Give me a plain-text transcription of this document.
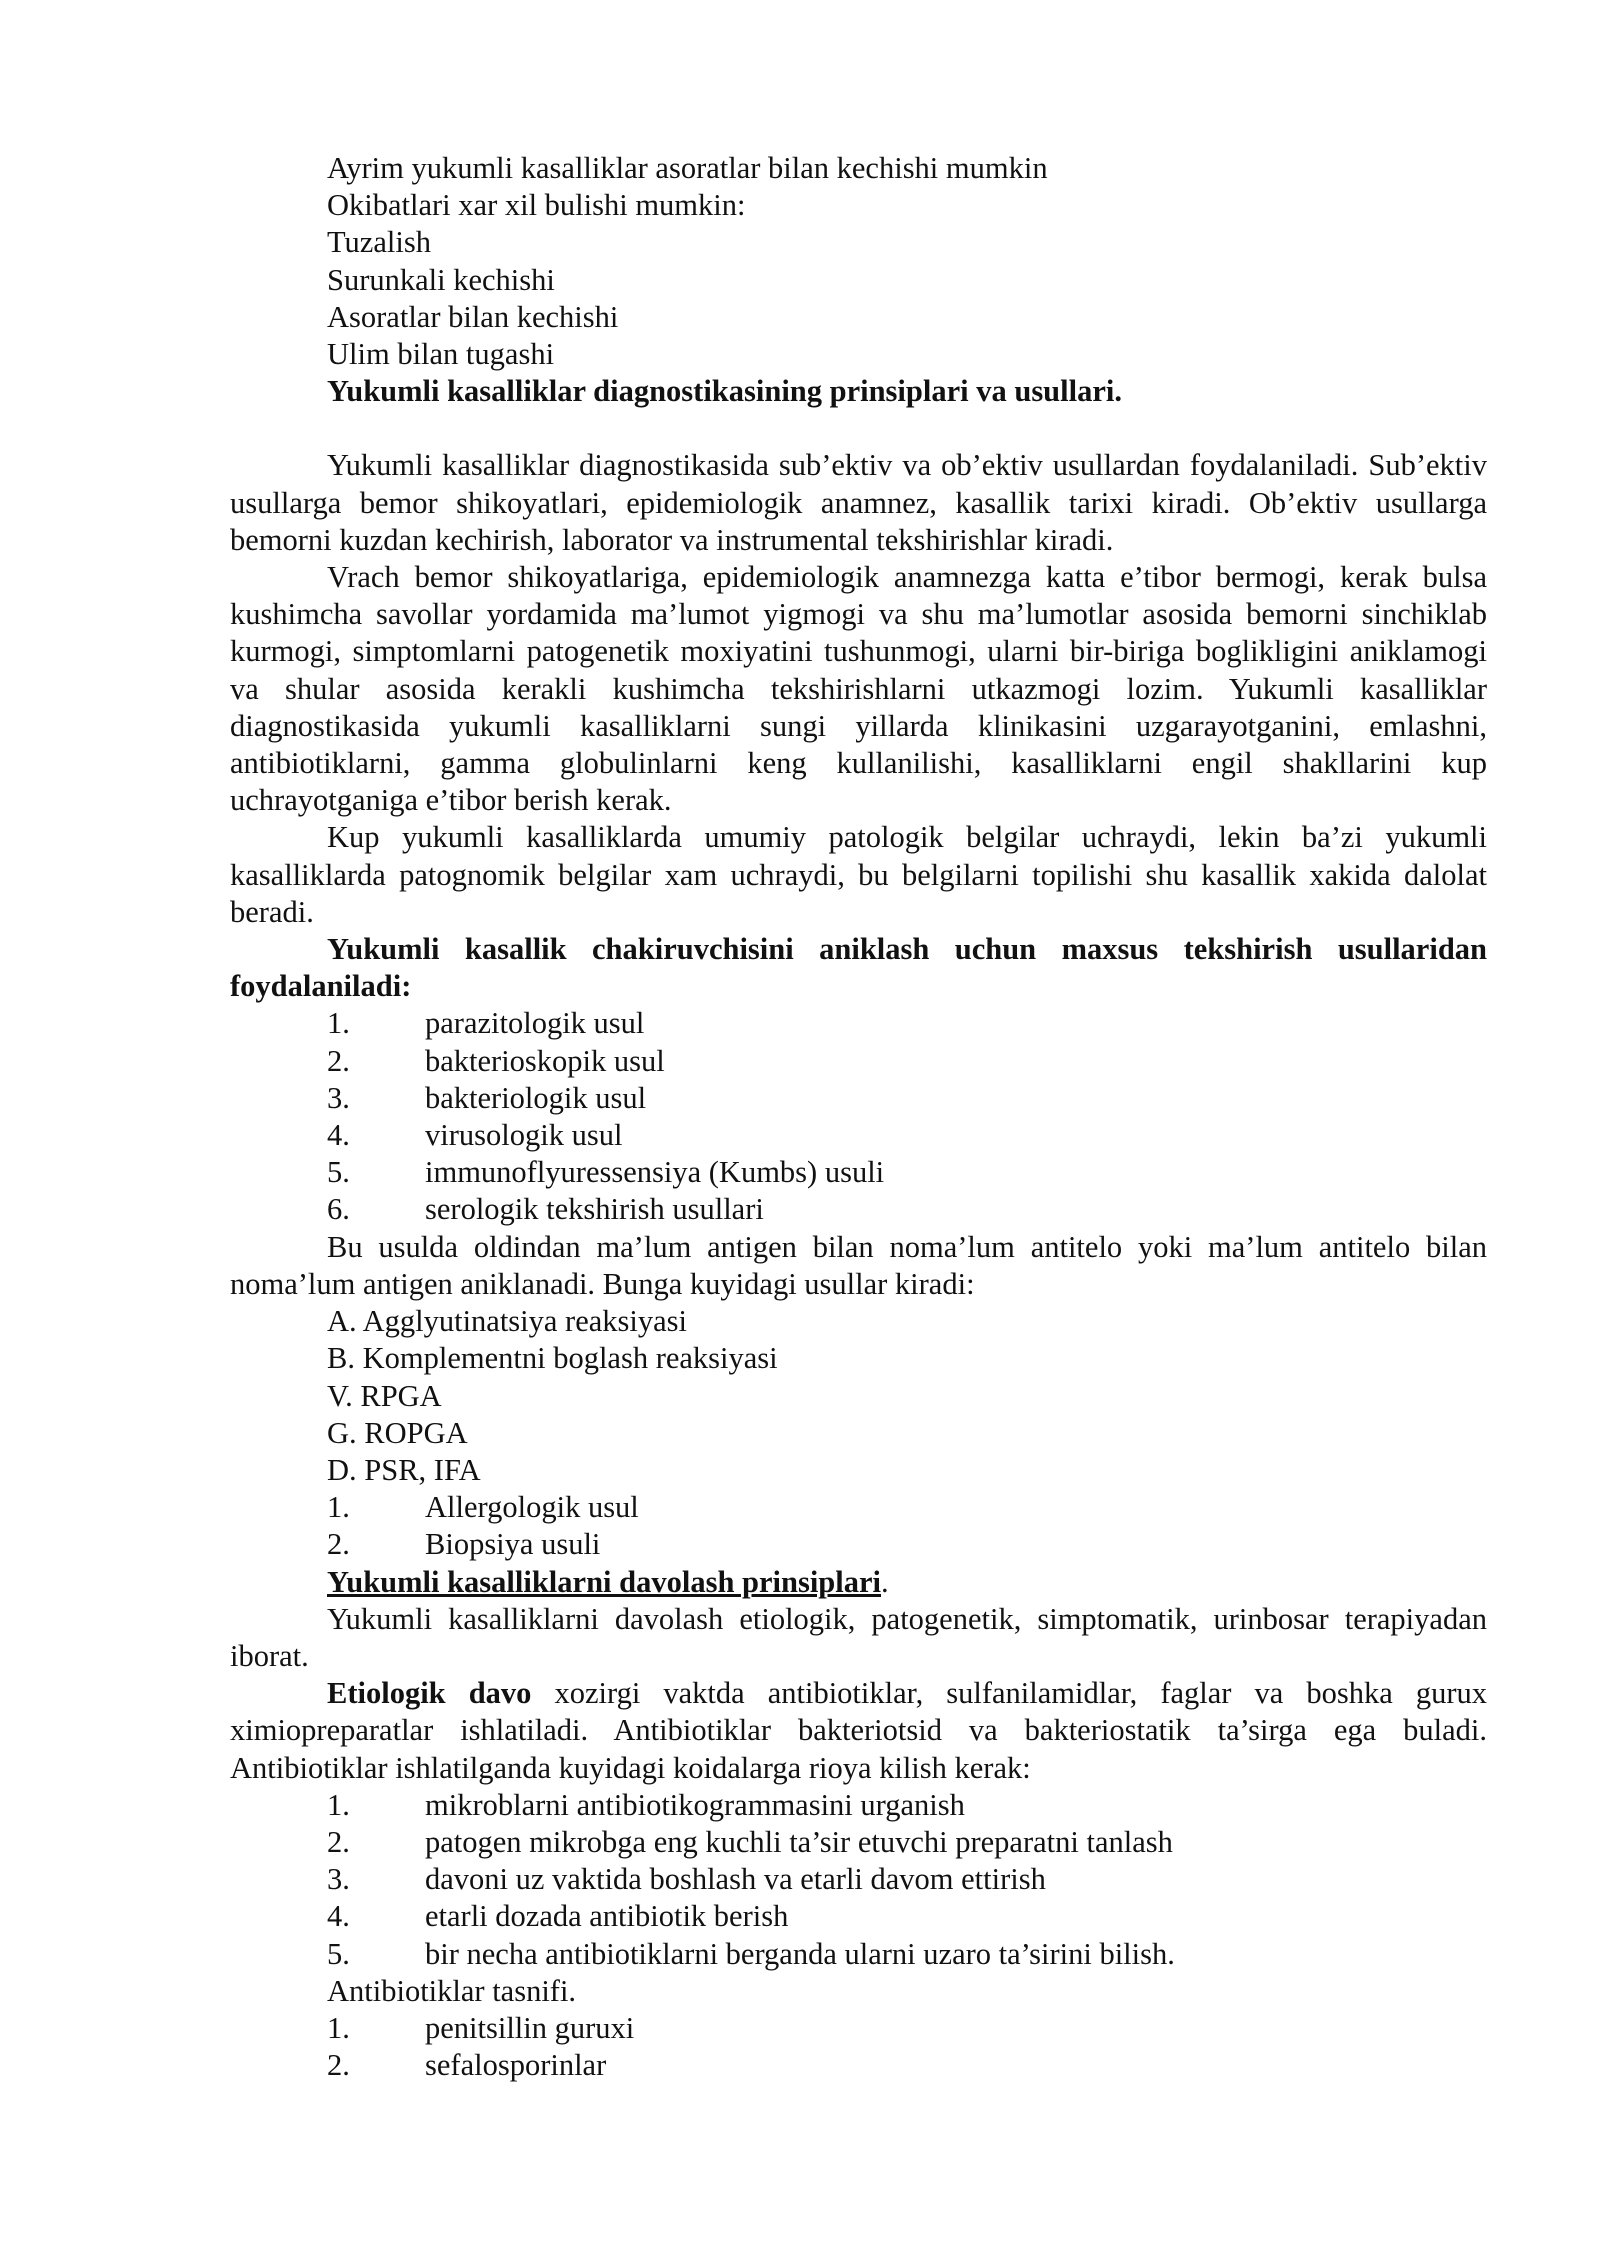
Ayrim yukumli kasalliklar asoratlar bilan kechishi mumkin
Okibatlari xar xil bulishi mumkin:
Tuzalish
Surunkali kechishi
Asoratlar bilan kechishi
Ulim bilan tugashi
Yukumli kasalliklar diagnostikasining prinsiplari va usullari.
Yukumli kasalliklar diagnostikasida sub’ektiv va ob’ektiv usullardan foydalaniladi. Sub’ektiv usullarga bemor shikoyatlari, epidemiologik anamnez, kasallik tarixi kiradi. Ob’ektiv usullarga bemorni kuzdan kechirish, laborator va instrumental tekshirishlar kiradi.
Vrach bemor shikoyatlariga, epidemiologik anamnezga katta e’tibor bermogi, kerak bulsa kushimcha savollar yordamida ma’lumot yigmogi va shu ma’lumotlar asosida bemorni sinchiklab kurmogi, simptomlarni patogenetik moxiyatini tushunmogi, ularni bir-biriga boglikligini aniklamogi va shular asosida kerakli kushimcha tekshirishlarni utkazmogi lozim. Yukumli kasalliklar diagnostikasida yukumli kasalliklarni sungi yillarda klinikasini uzgarayotganini, emlashni, antibiotiklarni, gamma globulinlarni keng kullanilishi, kasalliklarni engil shakllarini kup uchrayotganiga e’tibor berish kerak.
Kup yukumli kasalliklarda umumiy patologik belgilar uchraydi, lekin ba’zi yukumli kasalliklarda patognomik belgilar xam uchraydi, bu belgilarni topilishi shu kasallik xakida dalolat beradi.
Yukumli kasallik chakiruvchisini aniklash uchun maxsus tekshirish usullaridan foydalaniladi:
1.	parazitologik usul
2.	bakterioskopik usul
3.	bakteriologik usul
4.	virusologik usul
5.	immunoflyuressensiya (Kumbs) usuli
6.	serologik tekshirish usullari
Bu usulda oldindan ma’lum antigen bilan noma’lum antitelo yoki ma’lum antitelo bilan noma’lum antigen aniklanadi. Bunga kuyidagi usullar kiradi:
A. Agglyutinatsiya reaksiyasi
B. Komplementni boglash reaksiyasi
V. RPGA
G. ROPGA
D. PSR, IFA
1.	Allergologik usul
2.	Biopsiya usuli
Yukumli kasalliklarni davolash prinsiplari.
Yukumli kasalliklarni davolash etiologik, patogenetik, simptomatik, urinbosar terapiyadan iborat.
Etiologik davo xozirgi vaktda antibiotiklar, sulfanilamidlar, faglar va boshka gurux ximiopreparatlar ishlatiladi. Antibiotiklar bakteriotsid va bakteriostatik ta’sirga ega buladi. Antibiotiklar ishlatilganda kuyidagi koidalarga rioya kilish kerak:
1.	mikroblarni antibiotikogrammasini urganish
2.	patogen mikrobga eng kuchli ta’sir etuvchi preparatni tanlash
3.	davoni uz vaktida boshlash va etarli davom ettirish
4.	etarli dozada antibiotik berish
5.	bir necha antibiotiklarni berganda ularni uzaro ta’sirini bilish.
Antibiotiklar tasnifi.
1.	penitsillin guruxi
2.	sefalosporinlar
